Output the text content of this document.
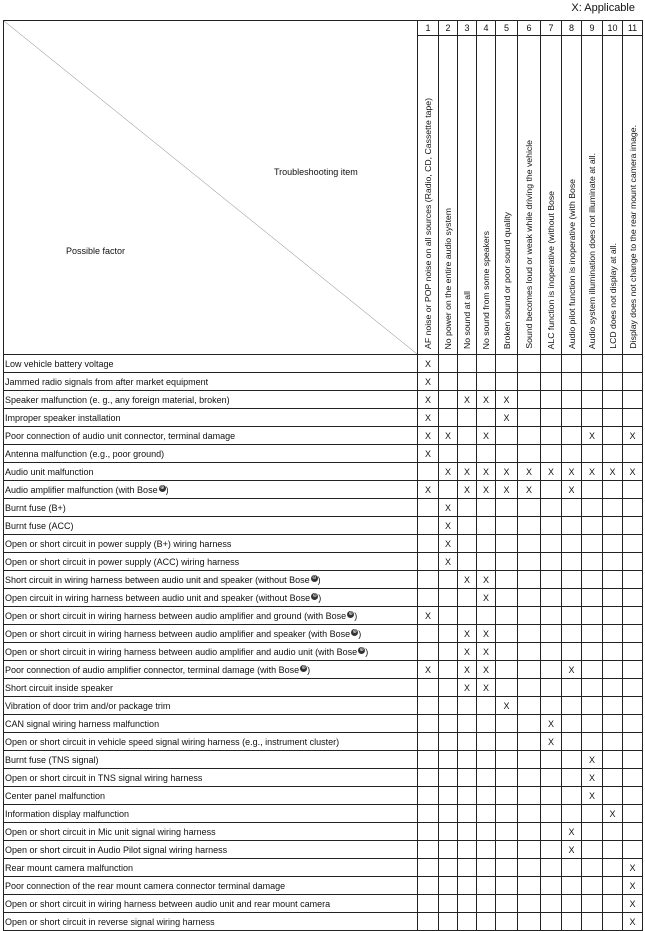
X: Applicable
Troubleshooting item
Possible factor	1	2	3	4	5	6	7	8	9	10	11
	AF noise or POP noise on all sources (Radio, CD, Cassette tape)	No power on the entire audio system	No sound at all	No sound from some speakers	Broken sound or poor sound quality	Sound becomes loud or weak while driving the vehicle	ALC function is inoperative (without Bose	Audio pilot function is inoperative (with Bose	Audio system illumination does not illuminate at all.	LCD does not display at all.	Display does not change to the rear mount camera image.
Low vehicle battery voltage	X										
Jammed radio signals from after market equipment	X										
Speaker malfunction (e. g., any foreign material, broken)	X		X	X	X						
Improper speaker installation	X				X						
Poor connection of audio unit connector, terminal damage	X	X		X					X		X
Antenna malfunction (e.g., poor ground)	X										
Audio unit malfunction		X	X	X	X	X	X	X	X	X	X
Audio amplifier malfunction (with Bose ⊕)	X		X	X	X	X		X			
Burnt fuse (B+)		X									
Burnt fuse (ACC)		X									
Open or short circuit in power supply (B+) wiring harness		X									
Open or short circuit in power supply (ACC) wiring harness		X									
Short circuit in wiring harness between audio unit and speaker (without Bose ⊖)			X	X							
Open circuit in wiring harness between audio unit and speaker (without Bose ⊖)				X							
Open or short circuit in wiring harness between audio amplifier and ground (with Bose ⊕)	X										
Open or short circuit in wiring harness between audio amplifier and speaker (with Bose ⊕)			X	X							
Open or short circuit in wiring harness between audio amplifier and audio unit (with Bose ⊕)			X	X							
Poor connection of audio amplifier connector, terminal damage (with Bose ⊕)	X		X	X				X			
Short circuit inside speaker			X	X							
Vibration of door trim and/or package trim					X						
CAN signal wiring harness malfunction							X				
Open or short circuit in vehicle speed signal wiring harness (e.g., instrument cluster)							X				
Burnt fuse (TNS signal)									X		
Open or short circuit in TNS signal wiring harness									X		
Center panel malfunction									X		
Information display malfunction										X	
Open or short circuit in Mic unit signal wiring harness								X			
Open or short circuit in Audio Pilot signal wiring harness								X			
Rear mount camera malfunction											X
Poor connection of the rear mount camera connector terminal damage											X
Open or short circuit in wiring harness between audio unit and rear mount camera											X
Open or short circuit in reverse signal wiring harness											X
